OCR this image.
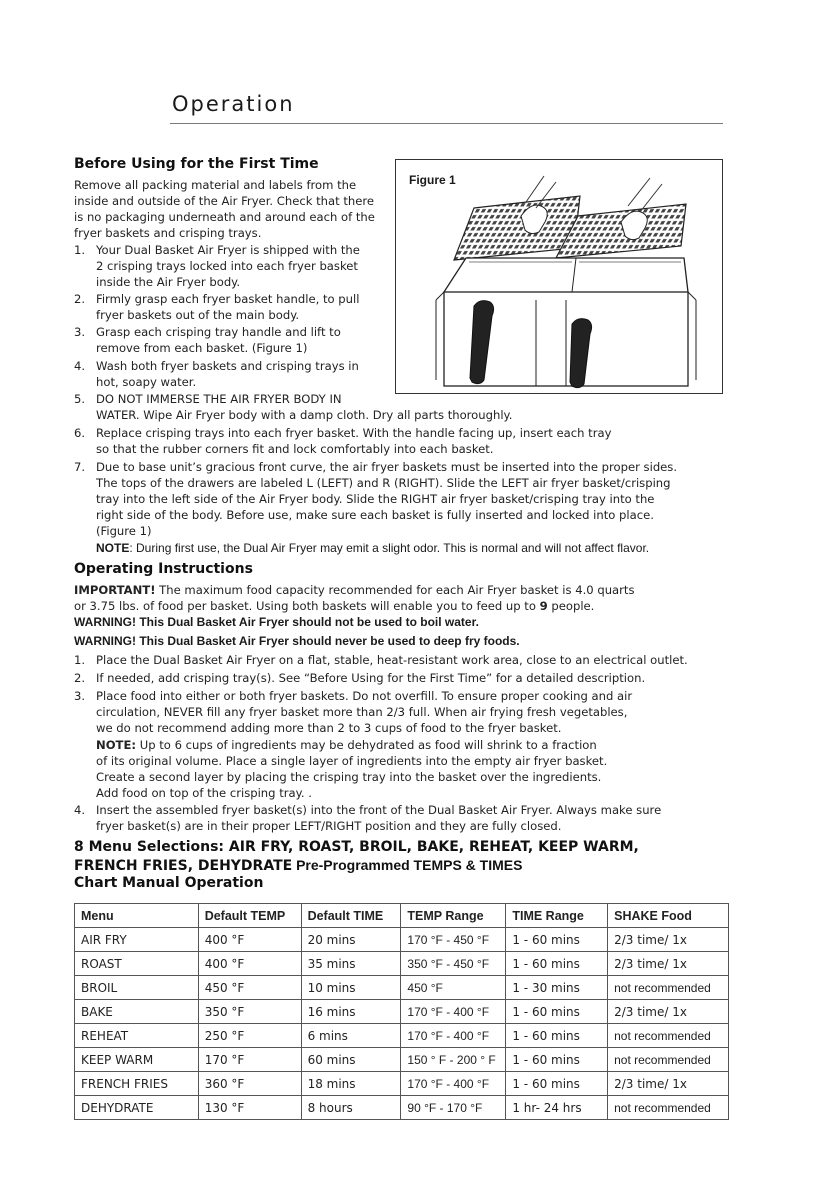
Operation
Before Using for the First Time
Remove all packing material and labels from the
inside and outside of the Air Fryer. Check that there
is no packaging underneath and around each of the
fryer baskets and crisping trays.
1. Your Dual Basket Air Fryer is shipped with the
2 crisping trays locked into each fryer basket
inside the Air Fryer body.
2. Firmly grasp each fryer basket handle, to pull
fryer baskets out of the main body.
3. Grasp each crisping tray handle and lift to
remove from each basket. (Figure 1)
4. Wash both fryer baskets and crisping trays in
hot, soapy water.
5. DO NOT IMMERSE THE AIR FRYER BODY IN
WATER. Wipe Air Fryer body with a damp cloth. Dry all parts thoroughly.
6. Replace crisping trays into each fryer basket. With the handle facing up, insert each tray
so that the rubber corners fit and lock comfortably into each basket.
7. Due to base unit’s gracious front curve, the air fryer baskets must be inserted into the proper sides.
The tops of the drawers are labeled L (LEFT) and R (RIGHT). Slide the LEFT air fryer basket/crisping
tray into the left side of the Air Fryer body. Slide the RIGHT air fryer basket/crisping tray into the
right side of the body. Before use, make sure each basket is fully inserted and locked into place.
(Figure 1)
NOTE: During first use, the Dual Air Fryer may emit a slight odor. This is normal and will not affect flavor.
Figure 1
Operating Instructions
IMPORTANT! The maximum food capacity recommended for each Air Fryer basket is 4.0 quarts
or 3.75 lbs. of food per basket. Using both baskets will enable you to feed up to 9 people.
WARNING! This Dual Basket Air Fryer should not be used to boil water.
WARNING! This Dual Basket Air Fryer should never be used to deep fry foods.
1. Place the Dual Basket Air Fryer on a flat, stable, heat-resistant work area, close to an electrical outlet.
2. If needed, add crisping tray(s). See “Before Using for the First Time” for a detailed description.
3. Place food into either or both fryer baskets. Do not overfill. To ensure proper cooking and air
circulation, NEVER fill any fryer basket more than 2/3 full. When air frying fresh vegetables,
we do not recommend adding more than 2 to 3 cups of food to the fryer basket.
NOTE: Up to 6 cups of ingredients may be dehydrated as food will shrink to a fraction
of its original volume. Place a single layer of ingredients into the empty air fryer basket.
Create a second layer by placing the crisping tray into the basket over the ingredients.
Add food on top of the crisping tray. .
4. Insert the assembled fryer basket(s) into the front of the Dual Basket Air Fryer. Always make sure
fryer basket(s) are in their proper LEFT/RIGHT position and they are fully closed.
8 Menu Selections: AIR FRY, ROAST, BROIL, BAKE, REHEAT, KEEP WARM,
FRENCH FRIES, DEHYDRATE Pre-Programmed TEMPS & TIMES
Chart Manual Operation
Menu	Default TEMP	Default TIME	TEMP Range	TIME Range	SHAKE Food
AIR FRY	400 °F	20 mins	170 °F - 450 °F	1 - 60 mins	2/3 time/ 1x
ROAST	400 °F	35 mins	350 °F - 450 °F	1 - 60 mins	2/3 time/ 1x
BROIL	450 °F	10 mins	450 °F	1 - 30 mins	not recommended
BAKE	350 °F	16 mins	170 °F - 400 °F	1 - 60 mins	2/3 time/ 1x
REHEAT	250 °F	6 mins	170 °F - 400 °F	1 - 60 mins	not recommended
KEEP WARM	170 °F	60 mins	150 ° F - 200 ° F	1 - 60 mins	not recommended
FRENCH FRIES	360 °F	18 mins	170 °F - 400 °F	1 - 60 mins	2/3 time/ 1x
DEHYDRATE	130 °F	8 hours	90 °F - 170 °F	1 hr- 24 hrs	not recommended
